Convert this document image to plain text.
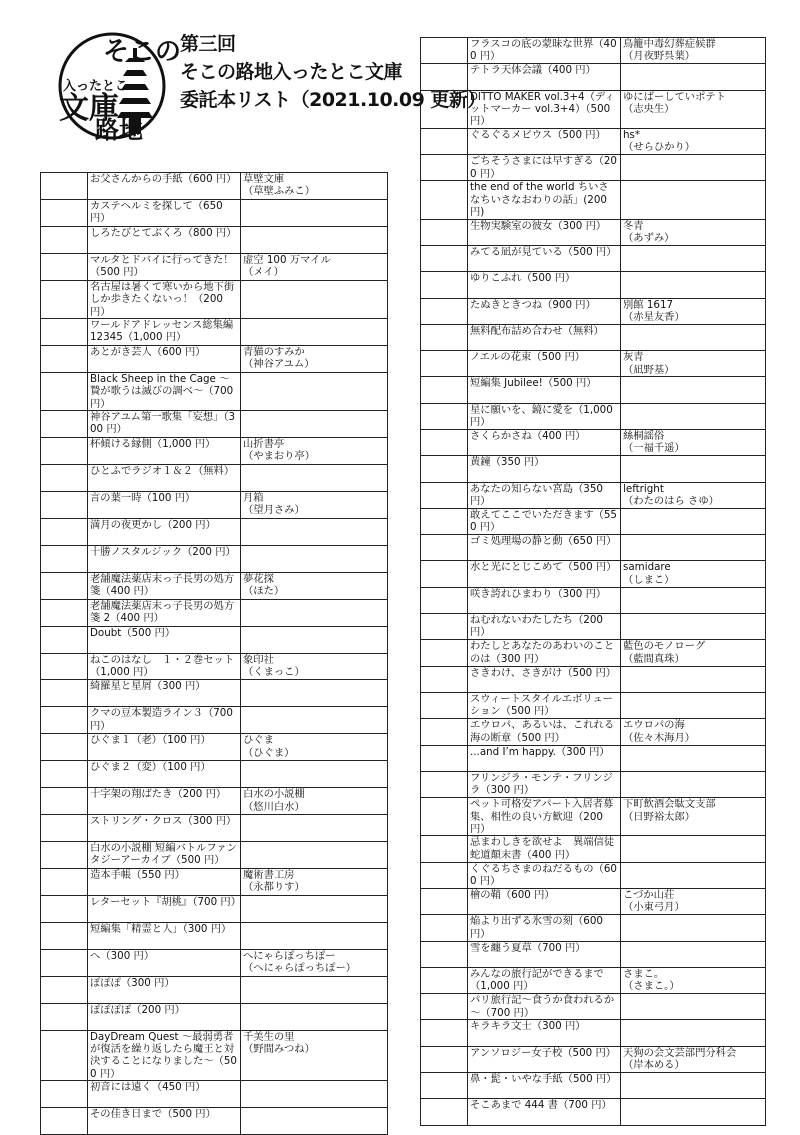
そこの
入ったとこ
文庫
路地
第三回
そこの路地入ったとこ文庫
委託本リスト（2021.10.09 更新）
	お父さんからの手紙（600 円）	草壁文庫
（草壁ふみこ）
	カステヘルミを探して（650 円）	
	しろたびとてぶくろ（800 円）	
	マルタとドバイに行ってきた！（500 円）	虚空 100 万マイル
（メイ）
	名古屋は暑くて寒いから地下街しか歩きたくないっ！（200 円）	
	ワールドアドレッセンス総集編12345（1,000 円）	
	あとがき芸人（600 円）	青猫のすみか
（神谷アユム）
	Black Sheep in the Cage ～贄が歌うは滅びの調べ～（700 円）	
	神谷アユム第一歌集「妄想」（300 円）	
	杯傾ける縁側（1,000 円）	山折書亭
（やまおり亭）
	ひとふでラジオ１＆２（無料）	
	言の葉一時（100 円）	月箱
（望月さみ）
	満月の夜更かし（200 円）	
	十勝ノスタルジック（200 円）	
	老舗魔法薬店末っ子長男の処方箋（400 円）	夢花探
（ほた）
	老舗魔法薬店末っ子長男の処方箋 2（400 円）	
	Doubt（500 円）	
	ねこのはなし　１・２巻セット（1,000 円）	象印社
（くまっこ）
	綺羅星と星屑（300 円）	
	クマの豆本製造ライン３（700 円）	
	ひぐま１（老）（100 円）	ひぐま
（ひぐま）
	ひぐま２（変）（100 円）	
	十字架の翔ばたき（200 円）	白水の小説棚
（悠川白水）
	ストリング・クロス（300 円）	
	白水の小説棚 短編バトルファンタジーアーカイブ（500 円）	
	造本手帳（550 円）	魔術書工房
（永都りす）
	レターセット『胡桃』（700 円）	
	短編集「精霊と人」（300 円）	
	へ（300 円）	へにゃらぽっちぽー
（へにゃらぽっちぽー）
	ぽぽぽ（300 円）	
	ぽぽぽぽ（200 円）	
	DayDream Quest ～最弱勇者が復活を繰り返したら魔王と対決することになりました～（500 円）	千美生の里
（野間みつね）
	初音には遠く（450 円）	
	その佳き日まで（500 円）	
	フラスコの底の蒙昧な世界（400 円）	鳥籠中毒幻葬症候群
（月夜野呉葉）
	テトラ天体会議（400 円）	
	DITTO MAKER vol.3+4（ディットマーカー vol.3+4）（500 円）	ゆにばーしていポテト
（志央生）
	ぐるぐるメビウス（500 円）	hs*
（せらひかり）
	ごちそうさまには早すぎる（200 円）	
	the end of the world ちいさなちいさなおわりの話」(200 円)	
	生物実験室の彼女（300 円）	冬青
（あずみ）
	みてる凪が見ている（500 円）	
	ゆりこふれ（500 円）	
	たぬきときつね（900 円）	別館 1617
（赤星友香）
	無料配布詰め合わせ（無料）	
	ノエルの花束（500 円）	灰青
（凪野基）
	短編集 Jubilee!（500 円）	
	星に願いを、鏡に愛を（1,000 円）	
	さくらかさね（400 円）	絲桐謡俗
（一福千遥）
	黄鐘（350 円）	
	あなたの知らない宮島（350 円）	leftright
（わたのはら さゆ）
	敢えてここでいただきます（550 円）	
	ゴミ処理場の静と動（650 円）	
	水と光にとじこめて（500 円）	samidare
（しまこ）
	咲き誇れひまわり（300 円）	
	ねむれないわたしたち（200 円）	
	わたしとあなたのあわいのことのは（300 円）	藍色のモノローグ
（藍間真珠）
	さきわけ、さきがけ（500 円）	
	スウィートスタイルエボリューション（500 円）	
	エウロパ、あるいは、これれる海の断章（500 円）	エウロパの海
（佐々木海月）
	...and I’m happy.（300 円）	
	フリンジラ・モンテ・フリンジラ（300 円）	
	ペット可格安アパート入居者募集、相性の良い方歓迎（200 円）	下町飲酒会駄文支部
（日野裕太郎）
	忌まわしきを欲せよ　異端信徒蛇道顛末書（400 円）	
	くぐるちさまのねだるもの（600 円）	
	檜の鞘（600 円）	こづか山荘
（小東弓月）
	焔より出ずる氷雪の刻（600 円）	
	雪を纏う夏草（700 円）	
	みんなの旅行記ができるまで（1,000 円）	さまこ。
（さまこ。）
	パリ旅行記～食うか食われるか～（700 円）	
	キラキラ文士（300 円）	
	アンソロジー女子校（500 円）	天狗の会文芸部門分科会
（岸本める）
	鼻・髭・いやな手紙（500 円）	
	そこあまで 444 書（700 円）	
